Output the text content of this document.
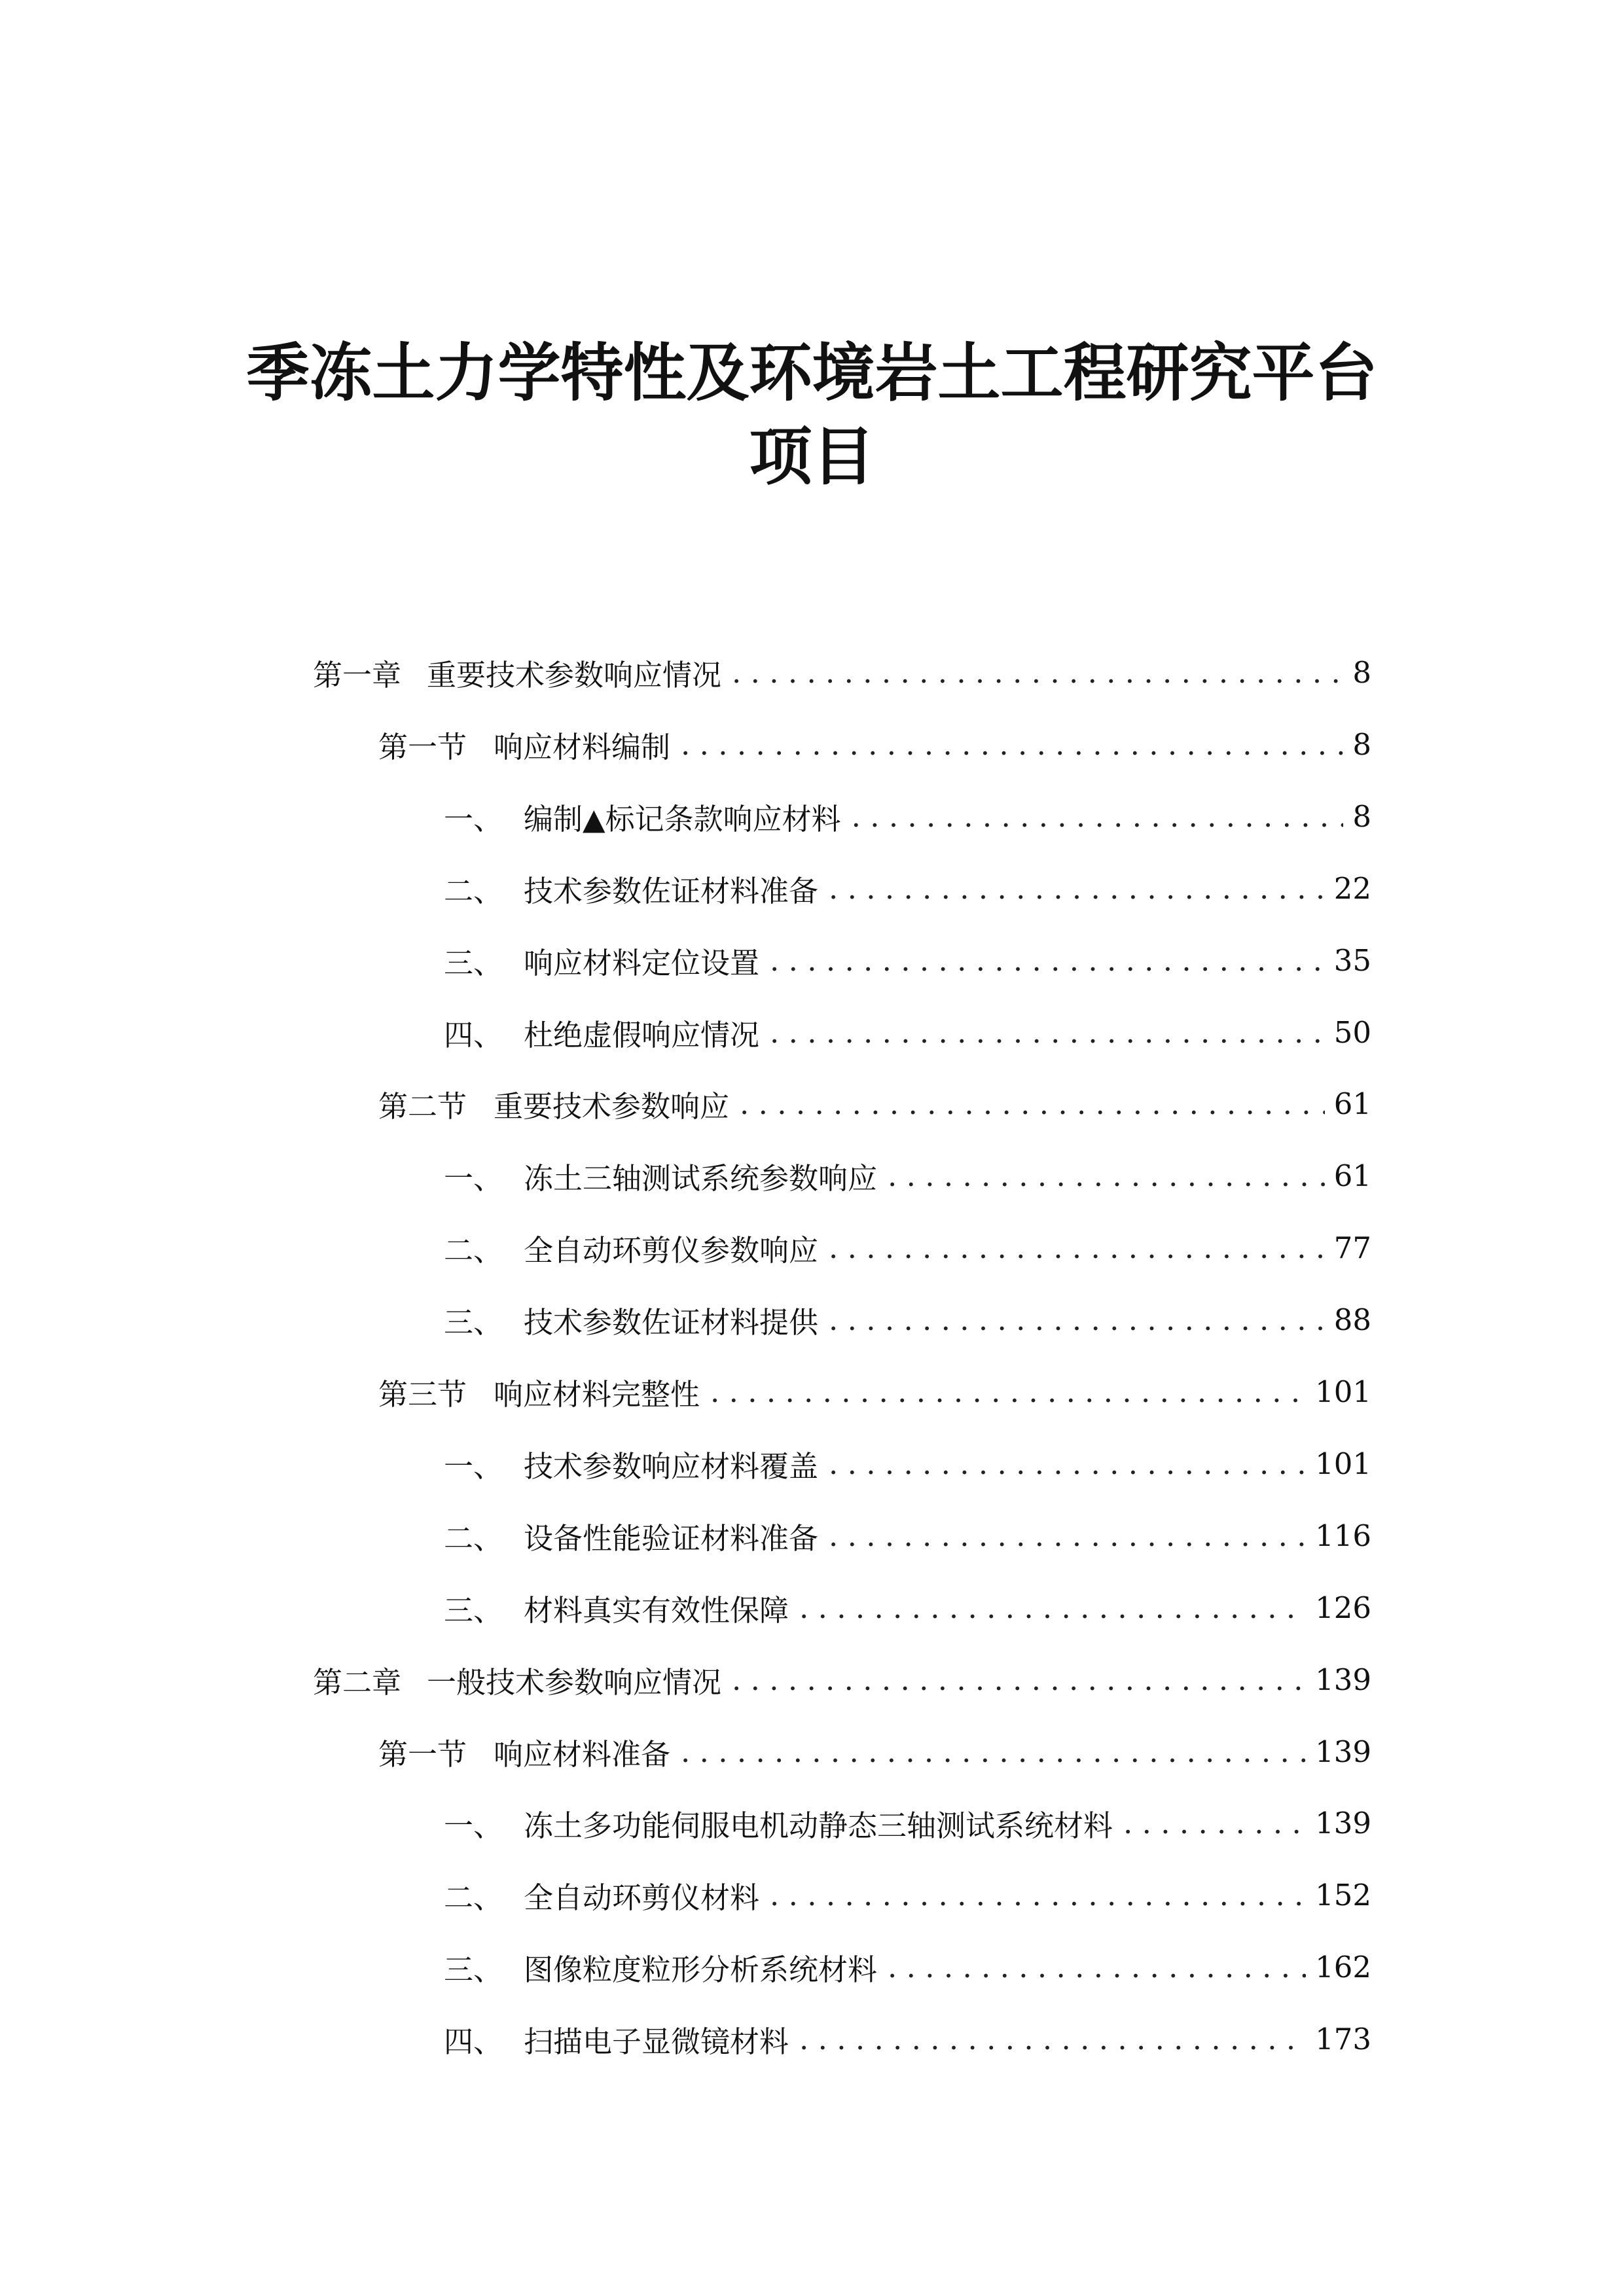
季冻土力学特性及环境岩土工程研究平台
项目
第一章 重要技术参数响应情况 . . .	8
第一节 响应材料编制 . . .	8
一、 编制▲标记条款响应材料 . . .	8
二、 技术参数佐证材料准备 . . .	22
三、 响应材料定位设置 . . .	35
四、 杜绝虚假响应情况 . . .	50
第二节 重要技术参数响应 . . .	61
一、 冻土三轴测试系统参数响应 . . .	61
二、 全自动环剪仪参数响应 . . .	77
三、 技术参数佐证材料提供 . . .	88
第三节 响应材料完整性 . . .	101
一、 技术参数响应材料覆盖 . . .	101
二、 设备性能验证材料准备 . . .	116
三、 材料真实有效性保障 . . .	126
第二章 一般技术参数响应情况 . . .	139
第一节 响应材料准备 . . .	139
一、 冻土多功能伺服电机动静态三轴测试系统材料 . . .	139
二、 全自动环剪仪材料 . . .	152
三、 图像粒度粒形分析系统材料 . . .	162
四、 扫描电子显微镜材料 . . .	173
